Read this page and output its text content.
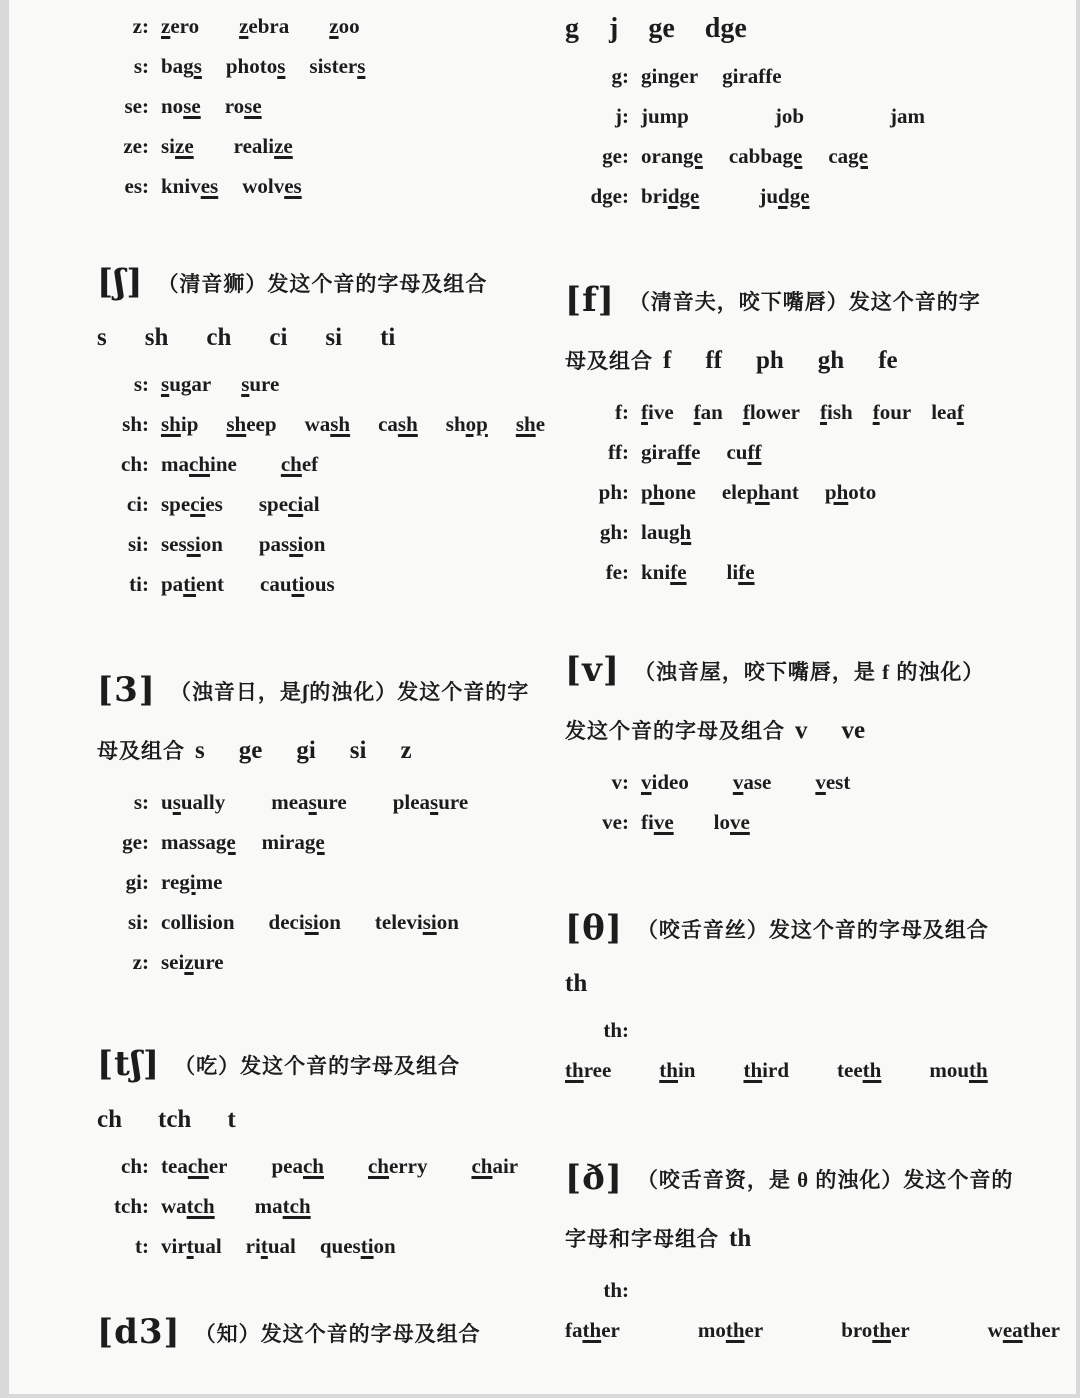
z: zero zebra zoo

s: bags photos sisters

se: nose rose

ze: size realize

es: knives wolves

[ʃ] （清音狮）发这个音的字母及组合
s sh ch ci si ti

s: sugar sure

sh: ship sheep wash cash shop she

ch: machine chef

ci: species special

si: session passion

ti: patient cautious

[3] （浊音日，是ʃ的浊化）发这个音的字
母及组合 s ge gi si z

s: usually measure pleasure

ge: massage mirage

gi: regime

si: collision decision television

z: seizure

[tʃ] （吃）发这个音的字母及组合
ch tch t

ch: teacher peach cherry chair

tch: watch match

t: virtual ritual question

[d3] （知）发这个音的字母及组合
g j ge dge

g: ginger giraffe

j: jump	job	jam

ge: orange cabbage cage

dge: bridge	judge

[f] （清音夫，咬下嘴唇）发这个音的字
母及组合 f ff ph gh fe

f: five fan flower fish four leaf

ff: giraffe cuff

ph: phone elephant photo

gh: laugh

fe: knife life

[v] （浊音屋，咬下嘴唇，是 f 的浊化）
发这个音的字母及组合 v ve

v: video vase vest

ve: five love

[θ] （咬舌音丝）发这个音的字母及组合
th

th:three thin third teeth mouth

[ð] （咬舌音资，是 θ 的浊化）发这个音的
字母和字母组合 th

th:father	mother	brother	weather
